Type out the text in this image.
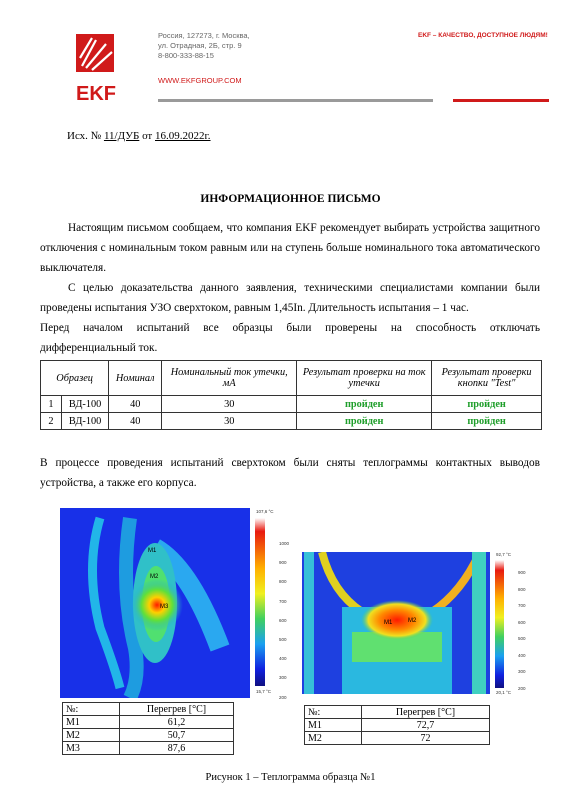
EKF
Россия, 127273, г. Москва,
ул. Отрадная, 2Б, стр. 9
8-800-333-88-15
WWW.EKFGROUP.COM
EKF – КАЧЕСТВО, ДОСТУПНОЕ ЛЮДЯМ!
Исх. № 11/ДУБ от 16.09.2022г.
ИНФОРМАЦИОННОЕ ПИСЬМО
Настоящим письмом сообщаем, что компания EKF рекомендует выбирать устройства защитного отключения с номинальным током равным или на ступень больше номинального тока автоматического выключателя.
С целью доказательства данного заявления, техническими специалистами компании были проведены испытания УЗО сверхтоком, равным 1,45In. Длительность испытания – 1 час.
Перед началом испытаний все образцы были проверены на способность отключать дифференциальный ток.
Образец		Номинал	Номинальный ток утечки, мА	Результат проверки на ток утечки	Результат проверки кнопки "Test"
1	ВД-100	40	30	пройден	пройден
2	ВД-100	40	30	пройден	пройден
В процессе проведения испытаний сверхтоком были сняты теплограммы контактных выводов устройства, а также его корпуса.
M1
M2
M3
107,6 °C
15,7 °C
1000
900
800
700
600
500
400
300
200
№:	Перегрев [°C]
M1	61,2
M2	50,7
M3	87,6
M1	M2
92,7 °C
20,1 °C
900
800
700
600
500
400
300
200
№:	Перегрев [°C]
M1	72,7
M2	72
Рисунок 1 – Теплограмма образца №1
